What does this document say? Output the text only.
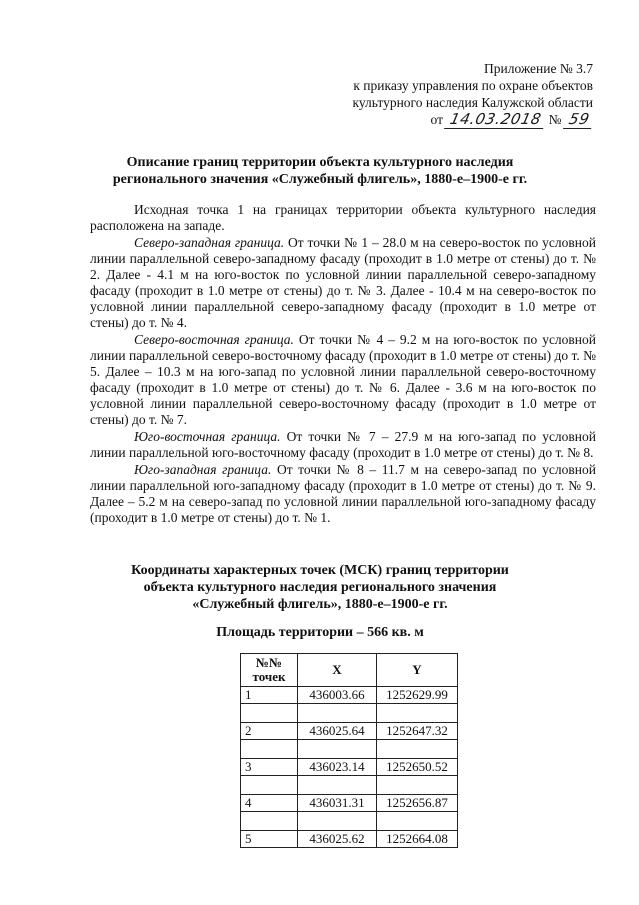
Приложение № 3.7
к приказу управления по охране объектов
культурного наследия Калужской области
от 14.03.2018 № 59
Описание границ территории объекта культурного наследия
регионального значения «Служебный флигель», 1880-е–1900-е гг.

Исходная точка 1 на границах территории объекта культурного наследия расположена на западе.

Северо-западная граница. От точки № 1 – 28.0 м на северо-восток по условной линии параллельной северо-западному фасаду (проходит в 1.0 метре от стены) до т. № 2. Далее - 4.1 м на юго-восток по условной линии параллельной северо-западному фасаду (проходит в 1.0 метре от стены) до т. № 3. Далее - 10.4 м на северо-восток по условной линии параллельной северо-западному фасаду (проходит в 1.0 метре от стены) до т. № 4.

Северо-восточная граница. От точки № 4 – 9.2 м на юго-восток по условной линии параллельной северо-восточному фасаду (проходит в 1.0 метре от стены) до т. № 5. Далее – 10.3 м на юго-запад по условной линии параллельной северо-восточному фасаду (проходит в 1.0 метре от стены) до т. № 6. Далее - 3.6 м на юго-восток по условной линии параллельной северо-восточному фасаду (проходит в 1.0 метре от стены) до т. № 7.

Юго-восточная граница. От точки № 7 – 27.9 м на юго-запад по условной линии параллельной юго-восточному фасаду (проходит в 1.0 метре от стены) до т. № 8.

Юго-западная граница. От точки № 8 – 11.7 м на северо-запад по условной линии параллельной юго-западному фасаду (проходит в 1.0 метре от стены) до т. № 9. Далее – 5.2 м на северо-запад по условной линии параллельной юго-западному фасаду (проходит в 1.0 метре от стены) до т. № 1.

Координаты характерных точек (МСК) границ территории
объекта культурного наследия регионального значения
«Служебный флигель», 1880-е–1900-е гг.
Площадь территории – 566 кв. м
№№
точек	X	Y
1	436003.66	1252629.99

2	436025.64	1252647.32

3	436023.14	1252650.52

4	436031.31	1252656.87

5	436025.62	1252664.08
